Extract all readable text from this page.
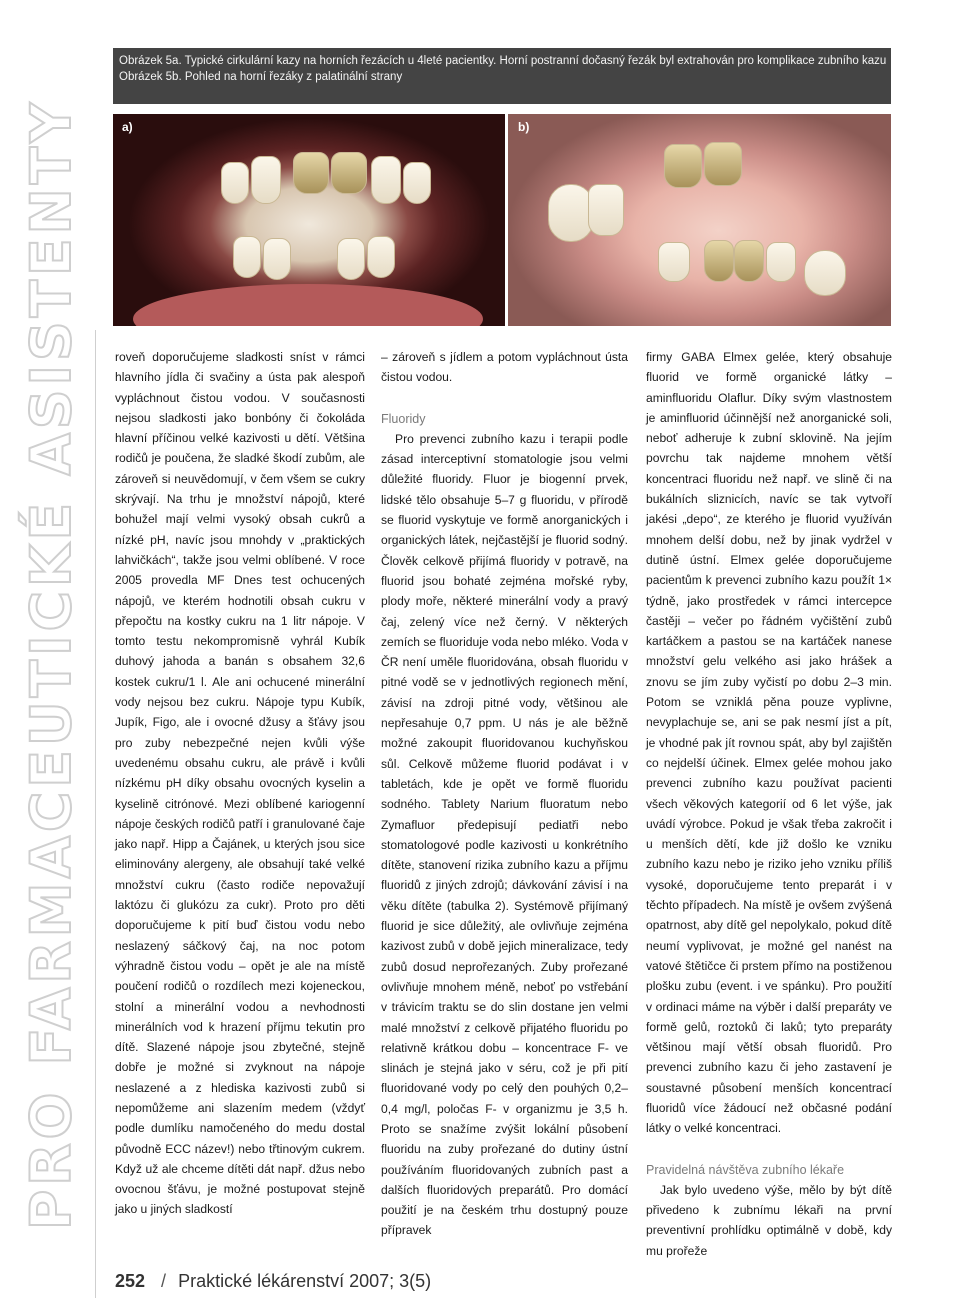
Obrázek 5a. Typické cirkulární kazy na horních řezácích u 4leté pacientky. Horní postranní dočasný řezák byl extrahován pro komplikace zubního kazu

Obrázek 5b. Pohled na horní řezáky z palatinální strany

a)	b)
PRO FARMACEUTICKÉ ASISTENTY	roveň doporučujeme sladkosti sníst v rámci hlavního jídla či svačiny a ústa pak alespoň vypláchnout čistou vodou. V současnosti nejsou sladkosti jako bonbóny či čokoláda hlavní příčinou velké kazivosti u dětí. Většina rodičů je poučena, že sladké škodí zubům, ale zároveň si neuvědomují, v čem všem se cukry skrývají. Na trhu je množství nápojů, které bohužel mají velmi vysoký obsah cukrů a nízké pH, navíc jsou mnohdy v „praktických lahvičkách“, takže jsou velmi oblíbené. V roce 2005 provedla MF Dnes test ochucených nápojů, ve kterém hodnotili obsah cukru v přepočtu na kostky cukru na 1 litr nápoje. V tomto testu nekompromisně vyhrál Kubík duhový jahoda a banán s obsahem 32,6 kostek cukru/1 l. Ale ani ochucené minerální vody nejsou bez cukru. Nápoje typu Kubík, Jupík, Figo, ale i ovocné džusy a šťávy jsou pro zuby nebezpečné nejen kvůli výše uvedenému obsahu cukru, ale právě i kvůli nízkému pH díky obsahu ovocných kyselin a kyselině citrónové. Mezi oblíbené kariogenní nápoje českých rodičů patří i granulované čaje jako např. Hipp a Čajánek, u kterých jsou sice eliminovány alergeny, ale obsahují také velké množství cukru (často rodiče nepovažují laktózu či glukózu za cukr). Proto pro děti doporučujeme k pití buď čistou vodu nebo neslazený sáčkový čaj, na noc potom výhradně čistou vodu – opět je ale na místě poučení rodičů o rozdílech mezi kojeneckou, stolní a minerální vodou a nevhodnosti minerálních vod k hrazení příjmu tekutin pro dítě. Slazené nápoje jsou zbytečné, stejně dobře je možné si zvyknout na nápoje neslazené a z hlediska kazivosti zubů si nepomůžeme ani slazením medem (vždyť podle dumlíku namočeného do medu dostal původně ECC název!) nebo třtinovým cukrem. Když už ale chceme dítěti dát např. džus nebo ovocnou šťávu, je možné postupovat stejně jako u jiných sladkostí

– zároveň s jídlem a potom vypláchnout ústa čistou vodou.

Fluoridy

Pro prevenci zubního kazu i terapii podle zásad interceptivní stomatologie jsou velmi důležité fluoridy. Fluor je biogenní prvek, lidské tělo obsahuje 5–7 g fluoridu, v přírodě se fluorid vyskytuje ve formě anorganických i organických látek, nejčastější je fluorid sodný. Člověk celkově přijímá fluoridy v potravě, na fluorid jsou bohaté zejména mořské ryby, plody moře, některé minerální vody a pravý čaj, zelený více než černý. V některých zemích se fluoriduje voda nebo mléko. Voda v ČR není uměle fluoridována, obsah fluoridu v pitné vodě se v jednotlivých regionech mění, závisí na zdroji pitné vody, většinou ale nepřesahuje 0,7 ppm. U nás je ale běžně možné zakoupit fluoridovanou kuchyňskou sůl. Celkově můžeme fluorid podávat i v tabletách, kde je opět ve formě fluoridu sodného. Tablety Narium fluoratum nebo Zymafluor předepisují pediatři nebo stomatologové podle kazivosti u konkrétního dítěte, stanovení rizika zubního kazu a příjmu fluoridů z jiných zdrojů; dávkování závisí i na věku dítěte (tabulka 2). Systémově přijímaný fluorid je sice důležitý, ale ovlivňuje zejména kazivost zubů v době jejich mineralizace, tedy zubů dosud neprořezaných. Zuby prořezané ovlivňuje mnohem méně, neboť po vstřebání v trávicím traktu se do slin dostane jen velmi malé množství z celkově přijatého fluoridu po relativně krátkou dobu – koncentrace F- ve slinách je stejná jako v séru, což je při pití fluoridované vody po celý den pouhých 0,2–0,4 mg/l, poločas F- v organizmu je 3,5 h. Proto se snažíme zvýšit lokální působení fluoridu na zuby prořezané do dutiny ústní používáním fluoridovaných zubních past a dalších fluoridových preparátů. Pro domácí použití je na českém trhu dostupný pouze přípravek

firmy GABA Elmex gelée, který obsahuje fluorid ve formě organické látky – aminfluoridu Olaflur. Díky svým vlastnostem je aminfluorid účinnější než anorganické soli, neboť adheruje k zubní sklovině. Na jejím povrchu tak najdeme mnohem větší koncentraci fluoridu než např. ve slině či na bukálních sliznicích, navíc se tak vytvoří jakési „depo“, ze kterého je fluorid využíván mnohem delší dobu, než by jinak vydržel v dutině ústní. Elmex gelée doporučujeme pacientům k prevenci zubního kazu použít 1× týdně, jako prostředek v rámci intercepce častěji – večer po řádném vyčištění zubů kartáčkem a pastou se na kartáček nanese množství gelu velkého asi jako hrášek a znovu se jím zuby vyčistí po dobu 2–3 min. Potom se vzniklá pěna pouze vyplivne, nevyplachuje se, ani se pak nesmí jíst a pít, je vhodné pak jít rovnou spát, aby byl zajištěn co nejdelší účinek. Elmex gelée mohou jako prevenci zubního kazu používat pacienti všech věkových kategorií od 6 let výše, jak uvádí výrobce. Pokud je však třeba zakročit i u menších dětí, kde již došlo ke vzniku zubního kazu nebo je riziko jeho vzniku příliš vysoké, doporučujeme tento preparát i v těchto případech. Na místě je ovšem zvýšená opatrnost, aby dítě gel nepolykalo, pokud dítě neumí vyplivovat, je možné gel nanést na vatové štětičce či prstem přímo na postiženou plošku zubu (event. i ve spánku). Pro použití v ordinaci máme na výběr i další preparáty ve formě gelů, roztoků či laků; tyto preparáty většinou mají větší obsah fluoridů. Pro prevenci zubního kazu či jeho zastavení je soustavné působení menších koncentrací fluoridů více žádoucí než občasné podání látky o velké koncentraci.

Pravidelná návštěva zubního lékaře

Jak bylo uvedeno výše, mělo by být dítě přivedeno k zubnímu lékaři na první preventivní prohlídku optimálně v době, kdy mu prořeže

252 / Praktické lékárenství 2007; 3(5)
